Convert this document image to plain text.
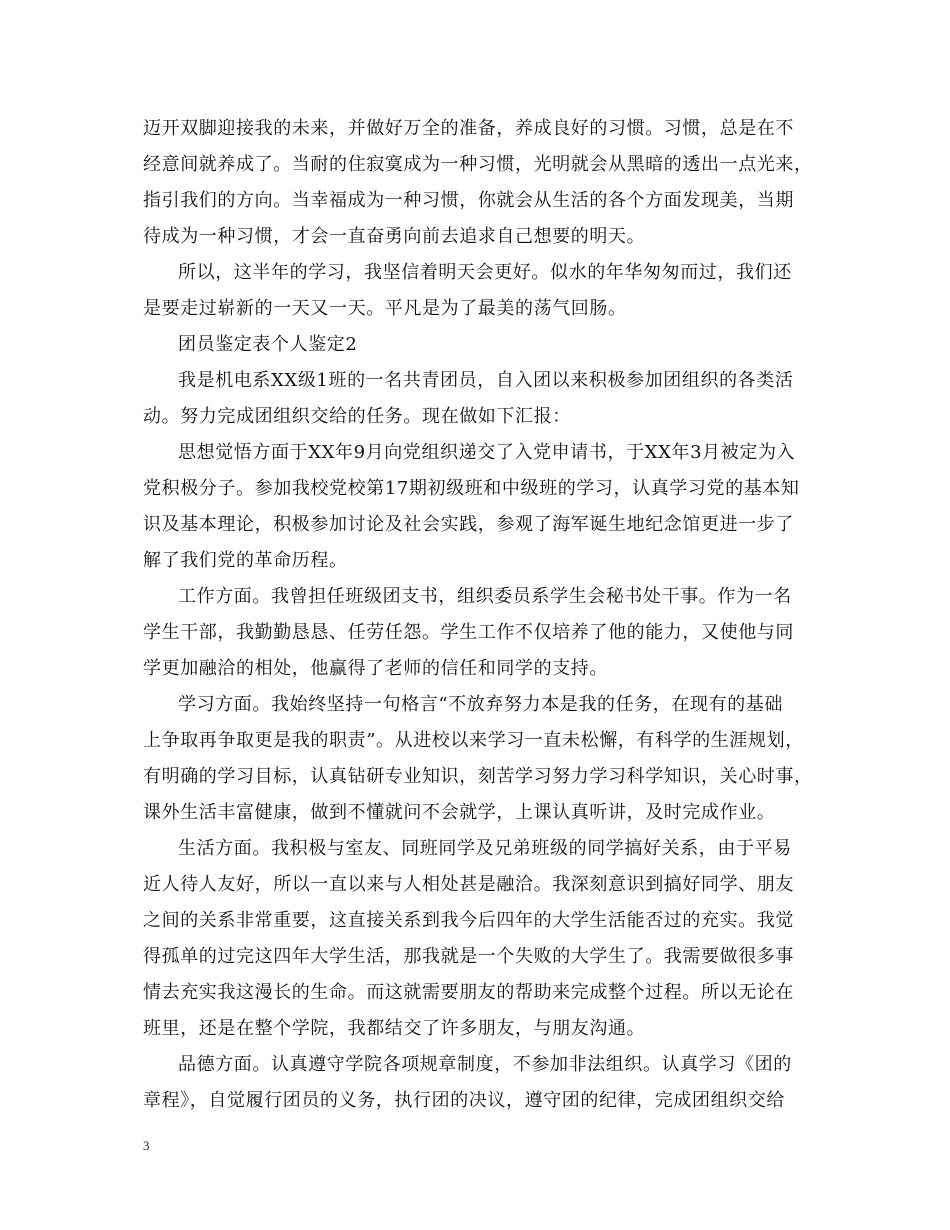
迈开双脚迎接我的未来，并做好万全的准备，养成良好的习惯。习惯，总是在不
经意间就养成了。当耐的住寂寞成为一种习惯，光明就会从黑暗的透出一点光来，
指引我们的方向。当幸福成为一种习惯，你就会从生活的各个方面发现美，当期
待成为一种习惯，才会一直奋勇向前去追求自己想要的明天。
所以，这半年的学习，我坚信着明天会更好。似水的年华匆匆而过，我们还
是要走过崭新的一天又一天。平凡是为了最美的荡气回肠。
团员鉴定表个人鉴定2
我是机电系XX级1班的一名共青团员，自入团以来积极参加团组织的各类活
动。努力完成团组织交给的任务。现在做如下汇报：
思想觉悟方面于XX年9月向党组织递交了入党申请书，于XX年3月被定为入
党积极分子。参加我校党校第17期初级班和中级班的学习，认真学习党的基本知
识及基本理论，积极参加讨论及社会实践，参观了海军诞生地纪念馆更进一步了
解了我们党的革命历程。
工作方面。我曾担任班级团支书，组织委员系学生会秘书处干事。作为一名
学生干部，我勤勤恳恳、任劳任怨。学生工作不仅培养了他的能力，又使他与同
学更加融洽的相处，他赢得了老师的信任和同学的支持。
学习方面。我始终坚持一句格言“不放弃努力本是我的任务，在现有的基础
上争取再争取更是我的职责”。从进校以来学习一直未松懈，有科学的生涯规划，
有明确的学习目标，认真钻研专业知识，刻苦学习努力学习科学知识，关心时事，
课外生活丰富健康，做到不懂就问不会就学，上课认真听讲，及时完成作业。
生活方面。我积极与室友、同班同学及兄弟班级的同学搞好关系，由于平易
近人待人友好，所以一直以来与人相处甚是融洽。我深刻意识到搞好同学、朋友
之间的关系非常重要，这直接关系到我今后四年的大学生活能否过的充实。我觉
得孤单的过完这四年大学生活，那我就是一个失败的大学生了。我需要做很多事
情去充实我这漫长的生命。而这就需要朋友的帮助来完成整个过程。所以无论在
班里，还是在整个学院，我都结交了许多朋友，与朋友沟通。
品德方面。认真遵守学院各项规章制度，不参加非法组织。认真学习《团的
章程》，自觉履行团员的义务，执行团的决议，遵守团的纪律，完成团组织交给
3
